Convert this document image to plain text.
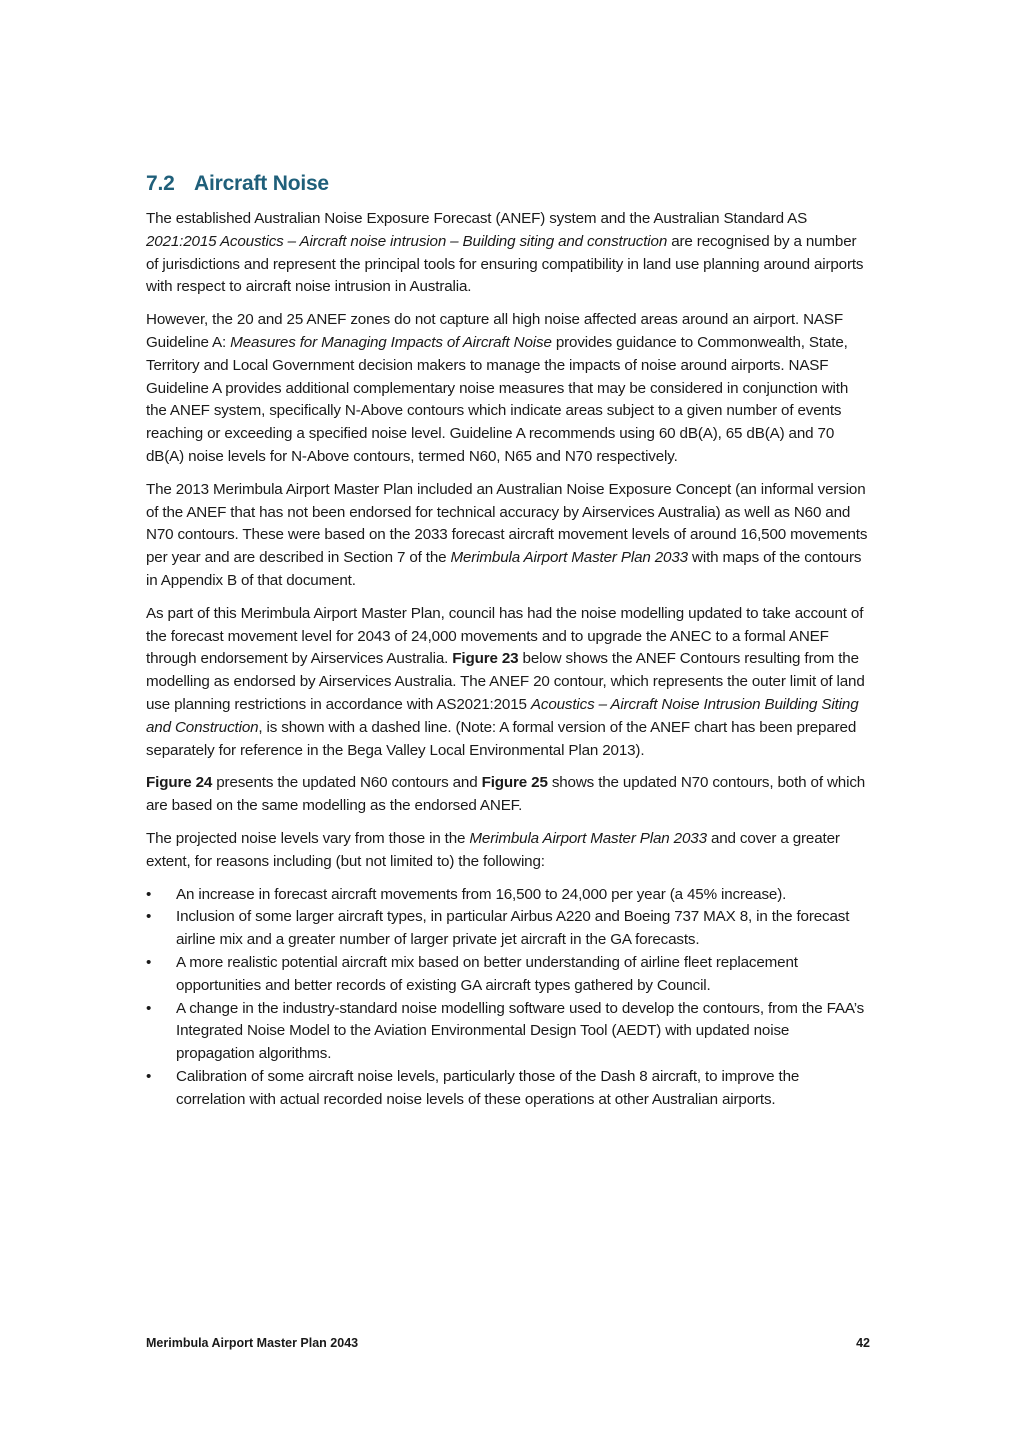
7.2 Aircraft Noise

The established Australian Noise Exposure Forecast (ANEF) system and the Australian Standard AS 2021:2015 Acoustics – Aircraft noise intrusion – Building siting and construction are recognised by a number of jurisdictions and represent the principal tools for ensuring compatibility in land use planning around airports with respect to aircraft noise intrusion in Australia.

However, the 20 and 25 ANEF zones do not capture all high noise affected areas around an airport. NASF Guideline A: Measures for Managing Impacts of Aircraft Noise provides guidance to Commonwealth, State, Territory and Local Government decision makers to manage the impacts of noise around airports. NASF Guideline A provides additional complementary noise measures that may be considered in conjunction with the ANEF system, specifically N-Above contours which indicate areas subject to a given number of events reaching or exceeding a specified noise level. Guideline A recommends using 60 dB(A), 65 dB(A) and 70 dB(A) noise levels for N-Above contours, termed N60, N65 and N70 respectively.

The 2013 Merimbula Airport Master Plan included an Australian Noise Exposure Concept (an informal version of the ANEF that has not been endorsed for technical accuracy by Airservices Australia) as well as N60 and N70 contours. These were based on the 2033 forecast aircraft movement levels of around 16,500 movements per year and are described in Section 7 of the Merimbula Airport Master Plan 2033 with maps of the contours in Appendix B of that document.

As part of this Merimbula Airport Master Plan, council has had the noise modelling updated to take account of the forecast movement level for 2043 of 24,000 movements and to upgrade the ANEC to a formal ANEF through endorsement by Airservices Australia. Figure 23 below shows the ANEF Contours resulting from the modelling as endorsed by Airservices Australia. The ANEF 20 contour, which represents the outer limit of land use planning restrictions in accordance with AS2021:2015 Acoustics – Aircraft Noise Intrusion Building Siting and Construction, is shown with a dashed line. (Note: A formal version of the ANEF chart has been prepared separately for reference in the Bega Valley Local Environmental Plan 2013).

Figure 24 presents the updated N60 contours and Figure 25 shows the updated N70 contours, both of which are based on the same modelling as the endorsed ANEF.

The projected noise levels vary from those in the Merimbula Airport Master Plan 2033 and cover a greater extent, for reasons including (but not limited to) the following:

• An increase in forecast aircraft movements from 16,500 to 24,000 per year (a 45% increase).
• Inclusion of some larger aircraft types, in particular Airbus A220 and Boeing 737 MAX 8, in the forecast airline mix and a greater number of larger private jet aircraft in the GA forecasts.
• A more realistic potential aircraft mix based on better understanding of airline fleet replacement opportunities and better records of existing GA aircraft types gathered by Council.
• A change in the industry-standard noise modelling software used to develop the contours, from the FAA’s Integrated Noise Model to the Aviation Environmental Design Tool (AEDT) with updated noise propagation algorithms.
• Calibration of some aircraft noise levels, particularly those of the Dash 8 aircraft, to improve the correlation with actual recorded noise levels of these operations at other Australian airports.
Merimbula Airport Master Plan 2043	42
